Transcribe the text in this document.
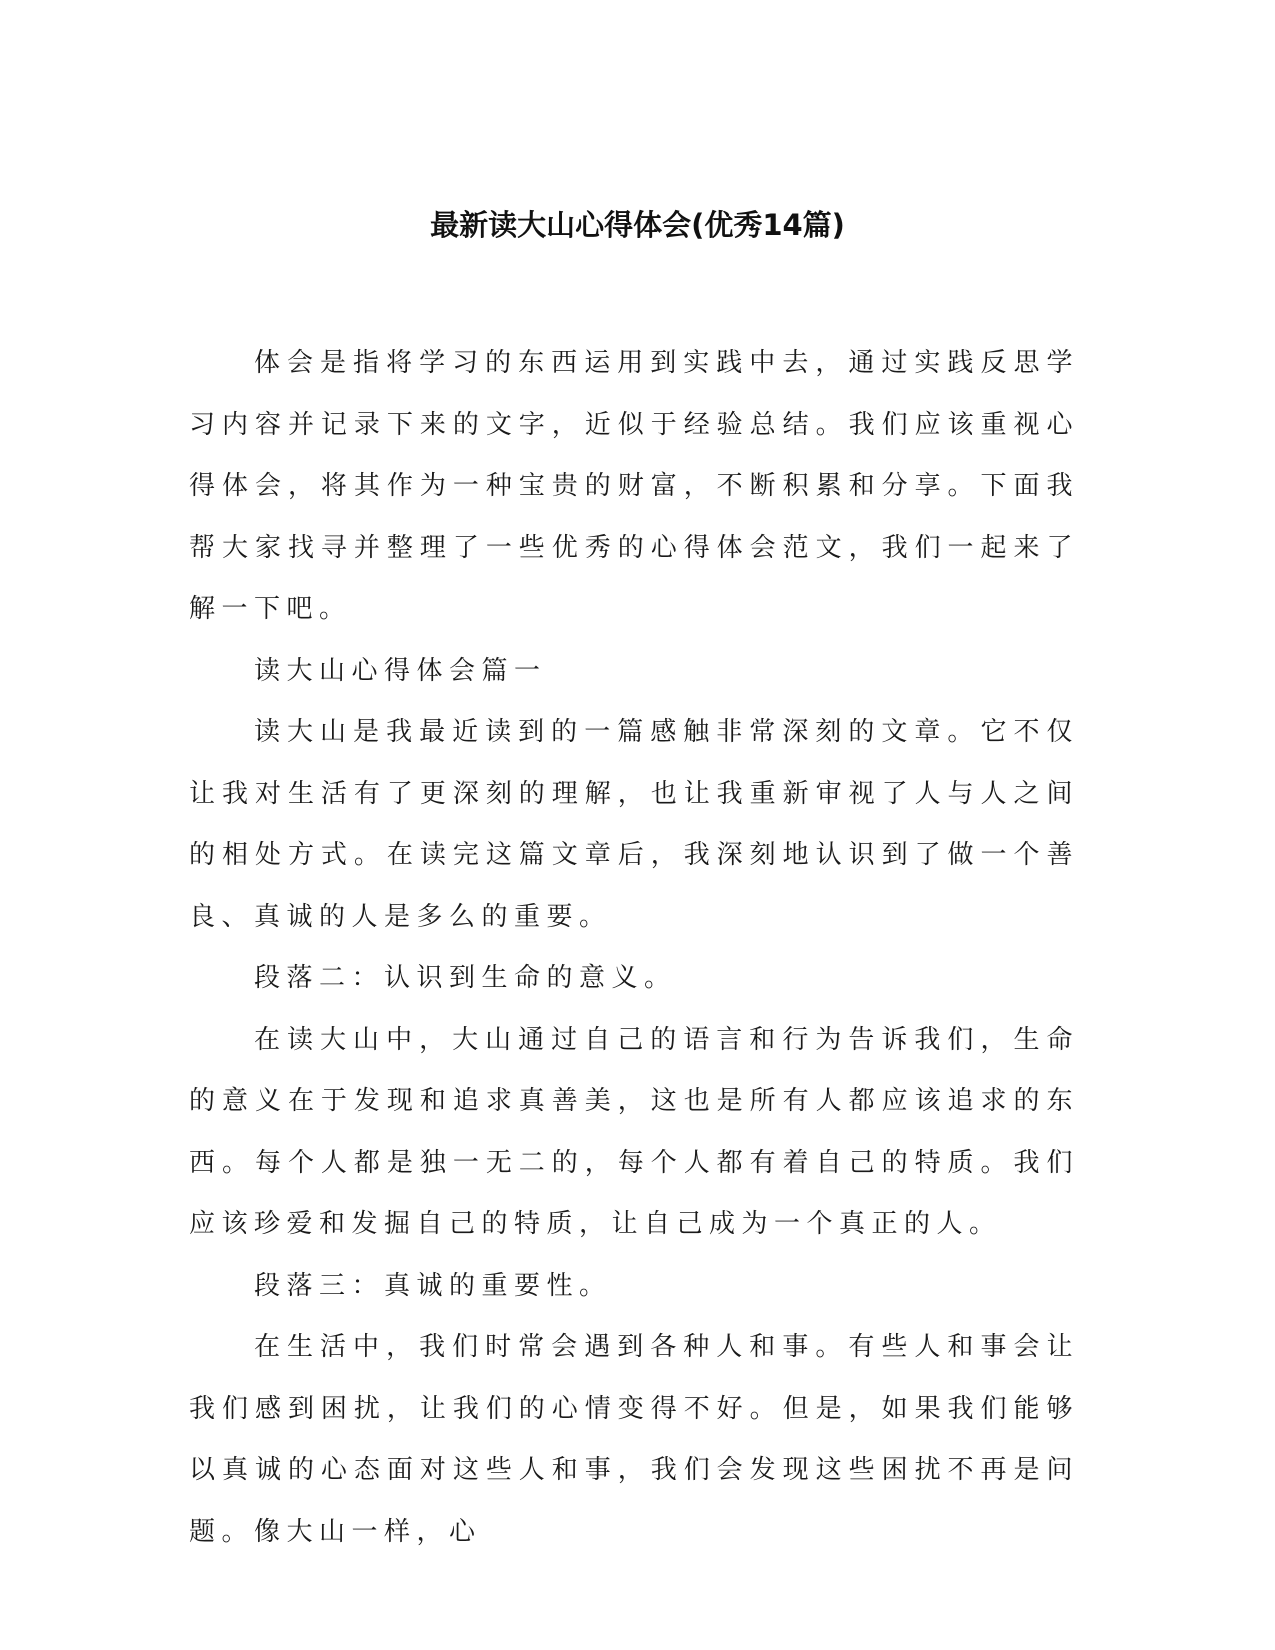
最新读大山心得体会(优秀14篇)

体会是指将学习的东西运用到实践中去，通过实践反思学习内容并记录下来的文字，近似于经验总结。我们应该重视心得体会，将其作为一种宝贵的财富，不断积累和分享。下面我帮大家找寻并整理了一些优秀的心得体会范文，我们一起来了解一下吧。

读大山心得体会篇一

读大山是我最近读到的一篇感触非常深刻的文章。它不仅让我对生活有了更深刻的理解，也让我重新审视了人与人之间的相处方式。在读完这篇文章后，我深刻地认识到了做一个善良、真诚的人是多么的重要。

段落二：认识到生命的意义。

在读大山中，大山通过自己的语言和行为告诉我们，生命的意义在于发现和追求真善美，这也是所有人都应该追求的东西。每个人都是独一无二的，每个人都有着自己的特质。我们应该珍爱和发掘自己的特质，让自己成为一个真正的人。

段落三：真诚的重要性。

在生活中，我们时常会遇到各种人和事。有些人和事会让我们感到困扰，让我们的心情变得不好。但是，如果我们能够以真诚的心态面对这些人和事，我们会发现这些困扰不再是问题。像大山一样，心
